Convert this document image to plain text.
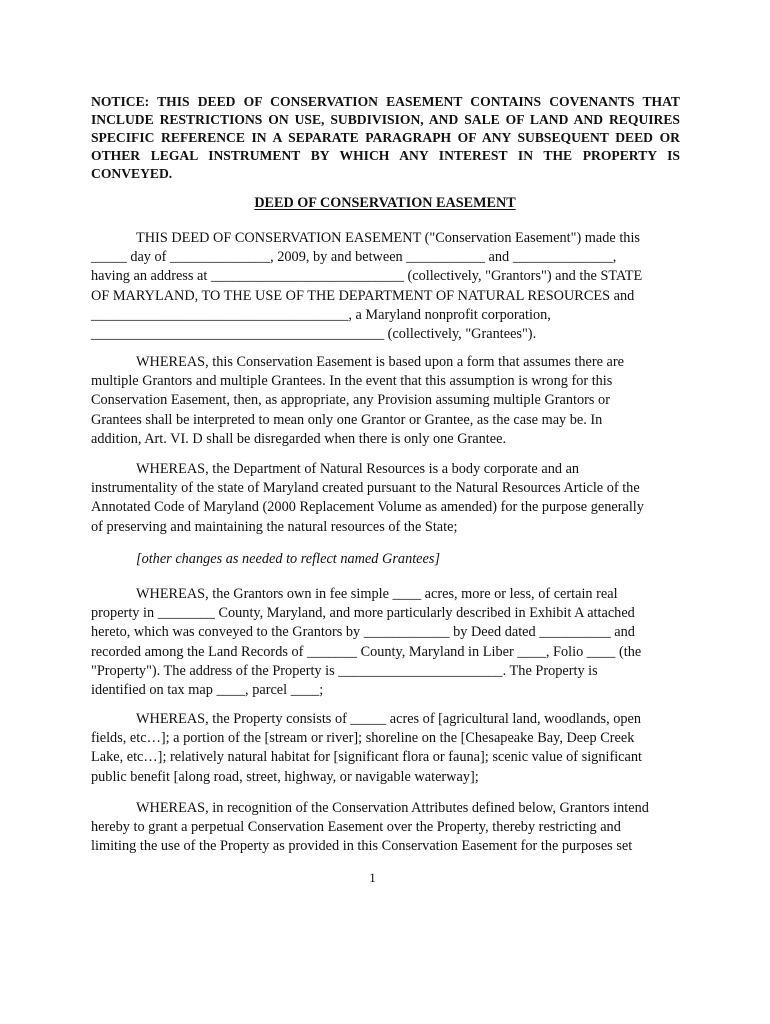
NOTICE: THIS DEED OF CONSERVATION EASEMENT CONTAINS COVENANTS THAT INCLUDE RESTRICTIONS ON USE, SUBDIVISION, AND SALE OF LAND AND REQUIRES SPECIFIC REFERENCE IN A SEPARATE PARAGRAPH OF ANY SUBSEQUENT DEED OR OTHER LEGAL INSTRUMENT BY WHICH ANY INTEREST IN THE PROPERTY IS CONVEYED.

DEED OF CONSERVATION EASEMENT
THIS DEED OF CONSERVATION EASEMENT ("Conservation Easement") made this
_____ day of ______________, 2009, by and between ___________ and ______________,
having an address at ___________________________ (collectively, "Grantors") and the STATE
OF MARYLAND, TO THE USE OF THE DEPARTMENT OF NATURAL RESOURCES and
____________________________________, a Maryland nonprofit corporation,
_________________________________________ (collectively, "Grantees").
WHEREAS, this Conservation Easement is based upon a form that assumes there are
multiple Grantors and multiple Grantees. In the event that this assumption is wrong for this
Conservation Easement, then, as appropriate, any Provision assuming multiple Grantors or
Grantees shall be interpreted to mean only one Grantor or Grantee, as the case may be. In
addition, Art. VI. D shall be disregarded when there is only one Grantee.
WHEREAS, the Department of Natural Resources is a body corporate and an
instrumentality of the state of Maryland created pursuant to the Natural Resources Article of the
Annotated Code of Maryland (2000 Replacement Volume as amended) for the purpose generally
of preserving and maintaining the natural resources of the State;
[other changes as needed to reflect named Grantees]
WHEREAS, the Grantors own in fee simple ____ acres, more or less, of certain real
property in ________ County, Maryland, and more particularly described in Exhibit A attached
hereto, which was conveyed to the Grantors by ____________ by Deed dated __________ and
recorded among the Land Records of _______ County, Maryland in Liber ____, Folio ____ (the
"Property"). The address of the Property is _______________________. The Property is
identified on tax map ____, parcel ____;
WHEREAS, the Property consists of _____ acres of [agricultural land, woodlands, open
fields, etc…]; a portion of the [stream or river]; shoreline on the [Chesapeake Bay, Deep Creek
Lake, etc…]; relatively natural habitat for [significant flora or fauna]; scenic value of significant
public benefit [along road, street, highway, or navigable waterway];
WHEREAS, in recognition of the Conservation Attributes defined below, Grantors intend
hereby to grant a perpetual Conservation Easement over the Property, thereby restricting and
limiting the use of the Property as provided in this Conservation Easement for the purposes set

1
